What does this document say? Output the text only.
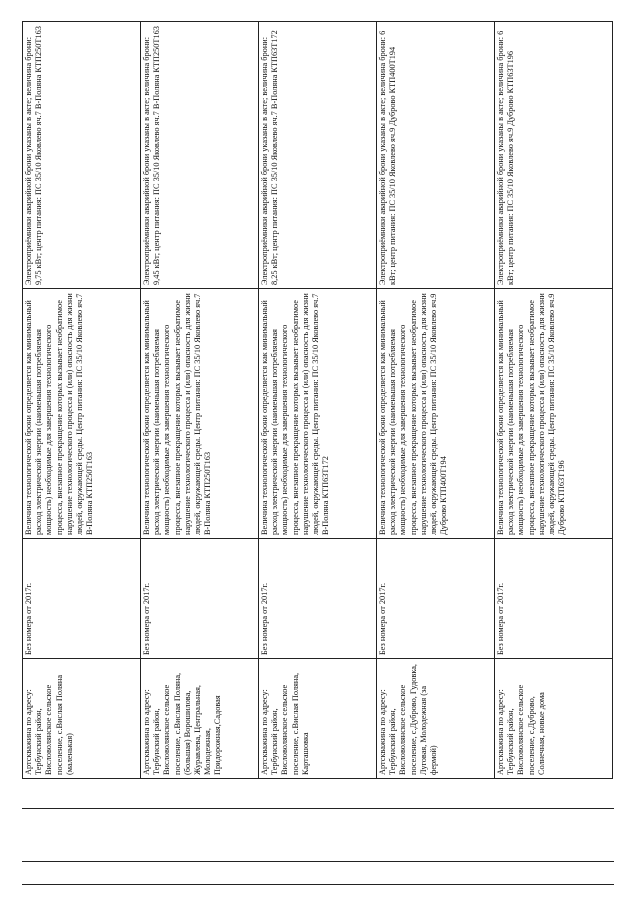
Артскважина по адресу: Тербунский район, Висловолянское сельское поселение, с.Вислая Поляна (маленькая)	Без номера от 2017г.	Величина технологической брони определяется как минимальный расход электрической энергии (наименьшая потребляемая мощность) необходимые для завершения технологического процесса, внезапное прекращение которых вызывает необратимое нарушение технологического процесса и (или) опасность для жизни людей, окружающей среды. Центр питания: ПС 35/10 Яковлево яч.7 В-Поляна КТП250Т163	Электроприёмники аварийной брони указаны в акте; величина брони: 9,75 кВт; центр питания: ПС 35/10 Яковлево яч.7 В-Поляна КТП250Т163
Артскважина по адресу: Тербунский район, Висловолянское сельское поселение, с.Вислая Поляна, (большая) Ворошилова, Журавлева, Центральная, Молодежная, Придорожная,Садовая	Без номера от 2017г.	Величина технологической брони определяется как минимальный расход электрической энергии (наименьшая потребляемая мощность) необходимые для завершения технологического процесса, внезапное прекращение которых вызывает необратимое нарушение технологического процесса и (или) опасность для жизни людей, окружающей среды. Центр питания: ПС 35/10 Яковлево яч.7 В-Поляна КТП250Т163	Электроприёмники аварийной брони указаны в акте; величина брони: 9,45 кВт; центр питания: ПС 35/10 Яковлево яч.7 В-Поляна КТП250Т163
Артскважина по адресу: Тербунский район, Висловолянское сельское поселение, с.Вислая Поляна, Карташовка	Без номера от 2017г.	Величина технологической брони определяется как минимальный расход электрической энергии (наименьшая потребляемая мощность) необходимые для завершения технологического процесса, внезапное прекращение которых вызывает необратимое нарушение технологического процесса и (или) опасность для жизни людей, окружающей среды. Центр питания: ПС 35/10 Яковлево яч.7 В-Поляна КТП63Т172	Электроприёмники аварийной брони указаны в акте; величина брони: 8,25 кВт; центр питания: ПС 35/10 Яковлево яч.7 В-Поляна КТП63Т172
Артскважина по адресу: Тербунский район, Висловолянское сельское поселение, с.Дуброво, Гудовка, Луговая, Молодежная (за фермой)	Без номера от 2017г.	Величина технологической брони определяется как минимальный расход электрической энергии (наименьшая потребляемая мощность) необходимые для завершения технологического процесса, внезапное прекращение которых вызывает необратимое нарушение технологического процесса и (или) опасность для жизни людей, окружающей среды. Центр питания: ПС 35/10 Яковлево яч.9 Дуброво КТП400Т194	Электроприёмники аварийной брони указаны в акте; величина брони: 6 кВт; центр питания: ПС 35/10 Яковлево яч.9 Дуброво КТП400Т194
Артскважина по адресу: Тербунский район, Висловолянское сельское поселение, с.Дуброво, Солнечная, новые дома	Без номера от 2017г.	Величина технологической брони определяется как минимальный расход электрической энергии (наименьшая потребляемая мощность) необходимые для завершения технологического процесса, внезапное прекращение которых вызывает необратимое нарушение технологического процесса и (или) опасность для жизни людей, окружающей среды. Центр питания: ПС 35/10 Яковлево яч.9 Дуброво КТП63Т196	Электроприёмники аварийной брони указаны в акте; величина брони: 6 кВт; центр питания: ПС 35/10 Яковлево яч.9 Дуброво КТП63Т196
